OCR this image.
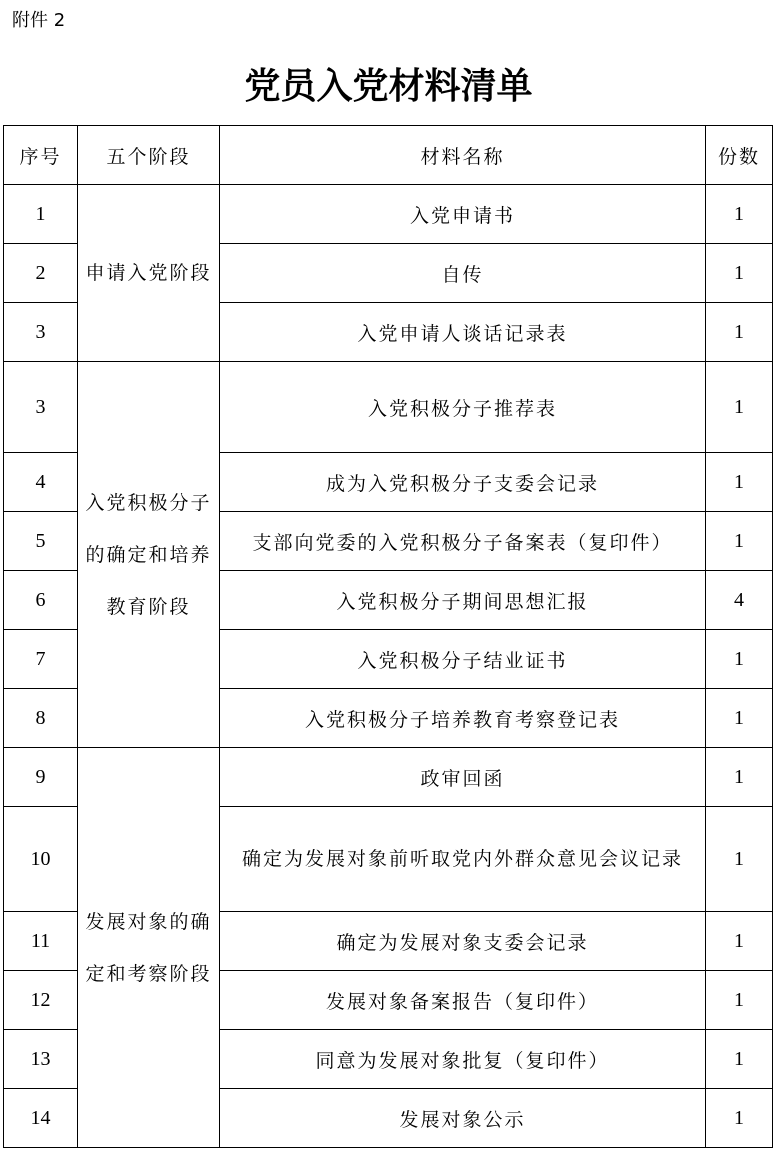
附件 2
党员入党材料清单
序号	五个阶段	材料名称	份数
1	申请入党阶段	入党申请书	1
2		自传	1
3		入党申请人谈话记录表	1
3	入党积极分子的确定和培养教育阶段	入党积极分子推荐表	1
4		成为入党积极分子支委会记录	1
5		支部向党委的入党积极分子备案表（复印件）	1
6		入党积极分子期间思想汇报	4
7		入党积极分子结业证书	1
8		入党积极分子培养教育考察登记表	1
9	发展对象的确定和考察阶段	政审回函	1
10		确定为发展对象前听取党内外群众意见会议记录	1
11		确定为发展对象支委会记录	1
12		发展对象备案报告（复印件）	1
13		同意为发展对象批复（复印件）	1
14		发展对象公示	1
